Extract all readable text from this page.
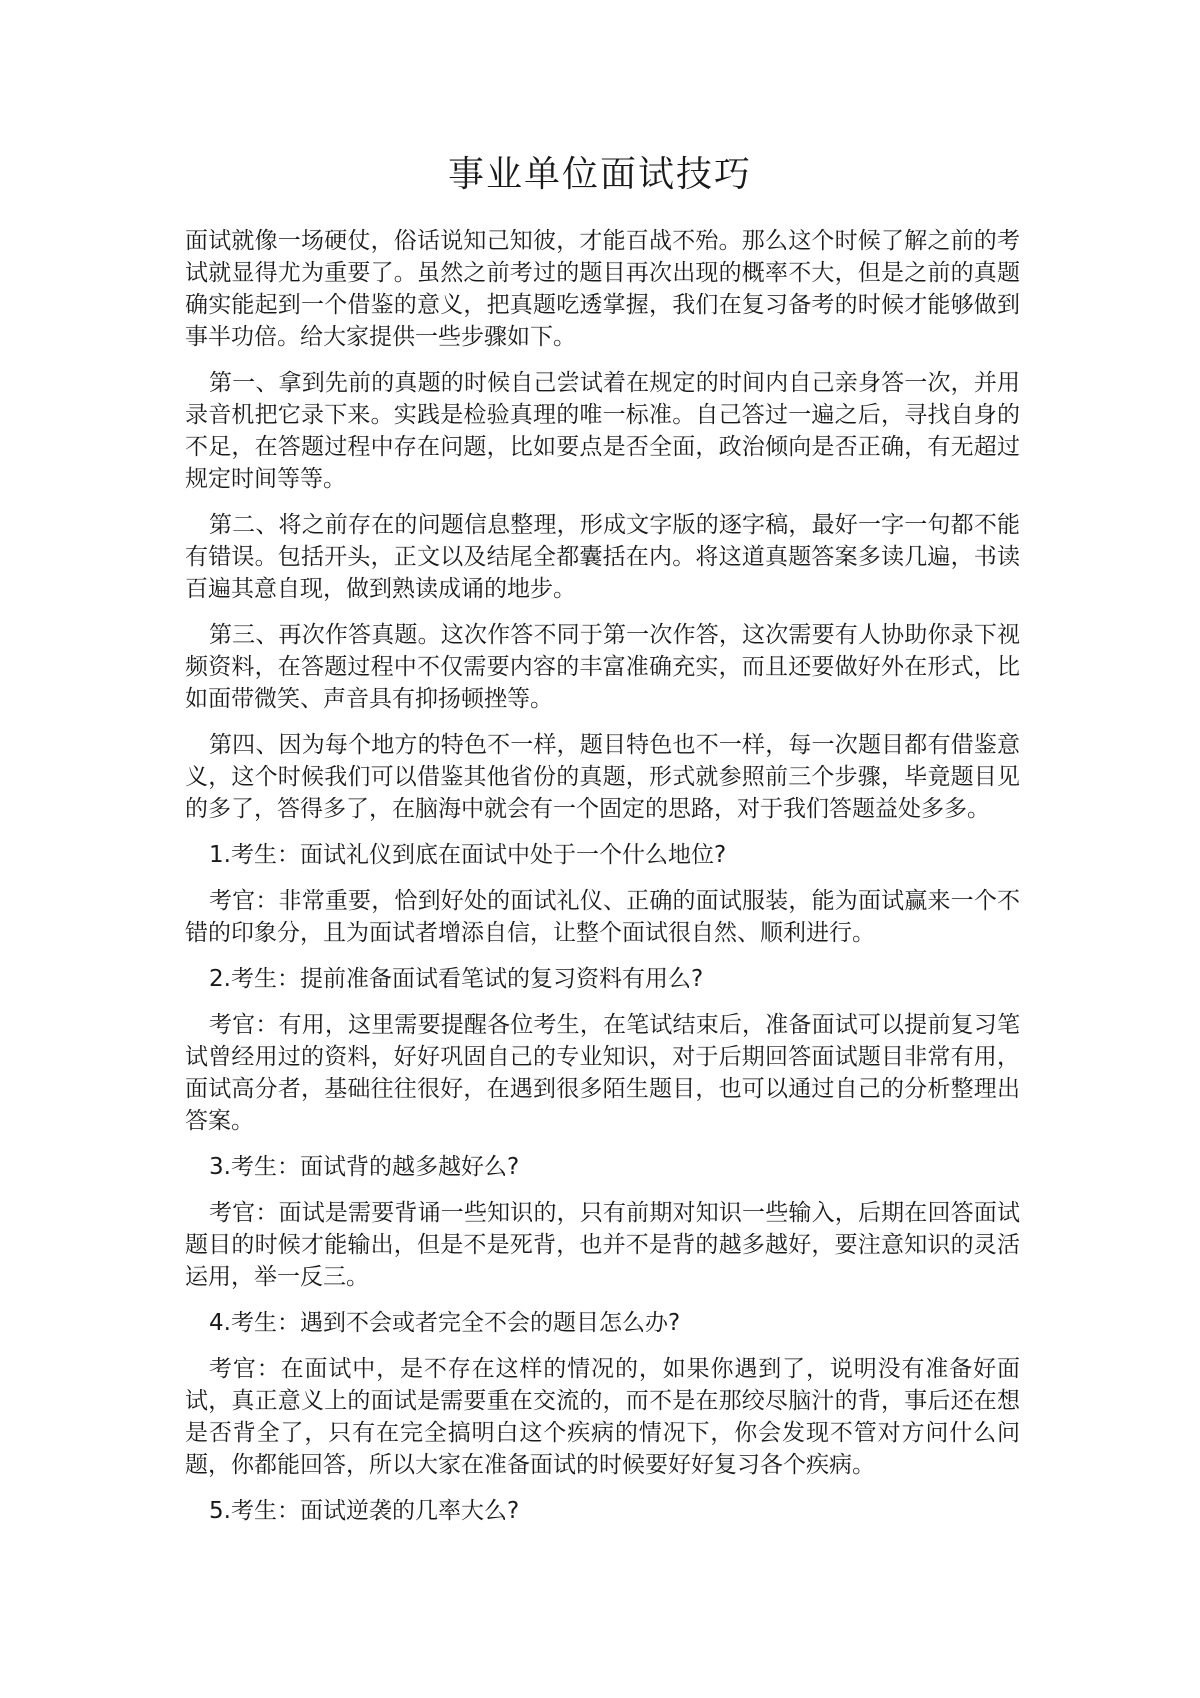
事业单位面试技巧

面试就像一场硬仗，俗话说知己知彼，才能百战不殆。那么这个时候了解之前的考试就显得尤为重要了。虽然之前考过的题目再次出现的概率不大，但是之前的真题确实能起到一个借鉴的意义，把真题吃透掌握，我们在复习备考的时候才能够做到事半功倍。给大家提供一些步骤如下。

第一、拿到先前的真题的时候自己尝试着在规定的时间内自己亲身答一次，并用录音机把它录下来。实践是检验真理的唯一标准。自己答过一遍之后，寻找自身的不足，在答题过程中存在问题，比如要点是否全面，政治倾向是否正确，有无超过规定时间等等。

第二、将之前存在的问题信息整理，形成文字版的逐字稿，最好一字一句都不能有错误。包括开头，正文以及结尾全都囊括在内。将这道真题答案多读几遍，书读百遍其意自现，做到熟读成诵的地步。

第三、再次作答真题。这次作答不同于第一次作答，这次需要有人协助你录下视频资料，在答题过程中不仅需要内容的丰富准确充实，而且还要做好外在形式，比如面带微笑、声音具有抑扬顿挫等。

第四、因为每个地方的特色不一样，题目特色也不一样，每一次题目都有借鉴意义，这个时候我们可以借鉴其他省份的真题，形式就参照前三个步骤，毕竟题目见的多了，答得多了，在脑海中就会有一个固定的思路，对于我们答题益处多多。

1.考生：面试礼仪到底在面试中处于一个什么地位?

考官：非常重要，恰到好处的面试礼仪、正确的面试服装，能为面试赢来一个不错的印象分，且为面试者增添自信，让整个面试很自然、顺利进行。

2.考生：提前准备面试看笔试的复习资料有用么?

考官：有用，这里需要提醒各位考生，在笔试结束后，准备面试可以提前复习笔试曾经用过的资料，好好巩固自己的专业知识，对于后期回答面试题目非常有用，面试高分者，基础往往很好，在遇到很多陌生题目，也可以通过自己的分析整理出答案。

3.考生：面试背的越多越好么?

考官：面试是需要背诵一些知识的，只有前期对知识一些输入，后期在回答面试题目的时候才能输出，但是不是死背，也并不是背的越多越好，要注意知识的灵活运用，举一反三。

4.考生：遇到不会或者完全不会的题目怎么办?

考官：在面试中，是不存在这样的情况的，如果你遇到了，说明没有准备好面试，真正意义上的面试是需要重在交流的，而不是在那绞尽脑汁的背，事后还在想是否背全了，只有在完全搞明白这个疾病的情况下，你会发现不管对方问什么问题，你都能回答，所以大家在准备面试的时候要好好复习各个疾病。

5.考生：面试逆袭的几率大么?
